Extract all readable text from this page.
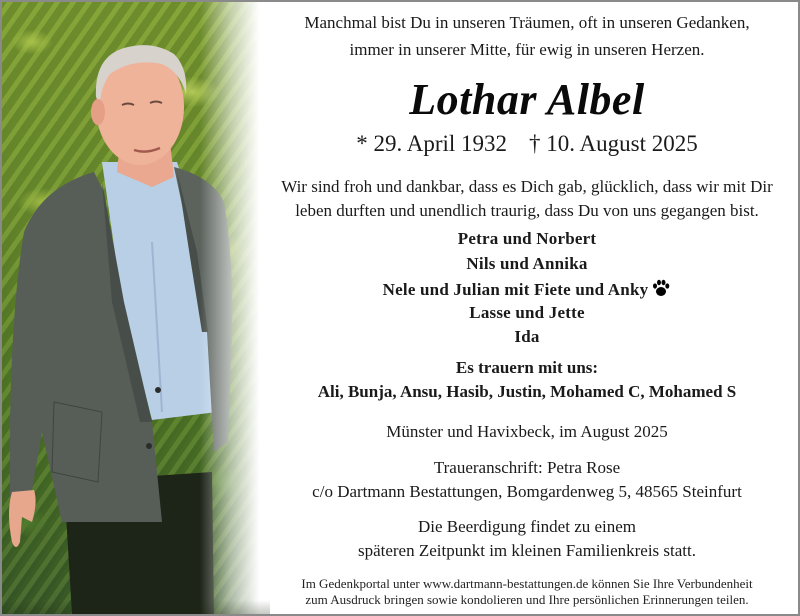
Manchmal bist Du in unseren Träumen, oft in unseren Gedanken,
immer in unserer Mitte, für ewig in unseren Herzen.
Lothar Albel
* 29. April 1932 † 10. August 2025
Wir sind froh und dankbar, dass es Dich gab, glücklich, dass wir mit Dir
leben durften und unendlich traurig, dass Du von uns gegangen bist.
Petra und Norbert
Nils und Annika
Nele und Julian mit Fiete und Anky
Lasse und Jette
Ida
Es trauern mit uns:
Ali, Bunja, Ansu, Hasib, Justin, Mohamed C, Mohamed S
Münster und Havixbeck, im August 2025
Traueranschrift: Petra Rose
c/o Dartmann Bestattungen, Bomgardenweg 5, 48565 Steinfurt
Die Beerdigung findet zu einem
späteren Zeitpunkt im kleinen Familienkreis statt.
Im Gedenkportal unter www.dartmann-bestattungen.de können Sie Ihre Verbundenheit
zum Ausdruck bringen sowie kondolieren und Ihre persönlichen Erinnerungen teilen.
